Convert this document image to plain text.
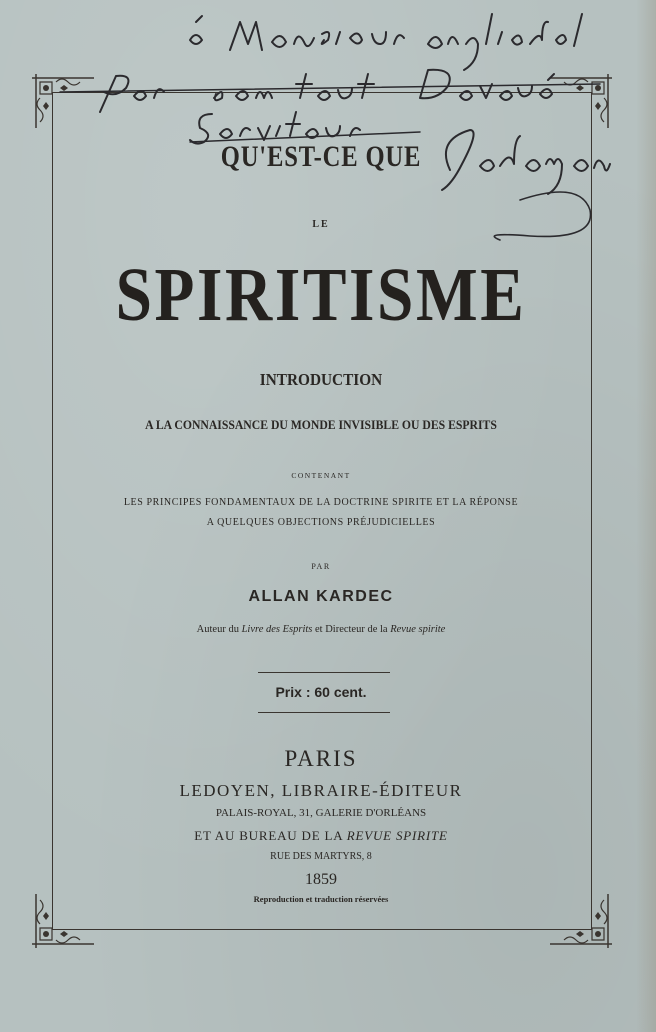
QU'EST-CE QUE
LE
SPIRITISME
INTRODUCTION
A LA CONNAISSANCE DU MONDE INVISIBLE OU DES ESPRITS
CONTENANT
LES PRINCIPES FONDAMENTAUX DE LA DOCTRINE SPIRITE ET LA RÉPONSE
A QUELQUES OBJECTIONS PRÉJUDICIELLES
PAR
ALLAN KARDEC
Auteur du Livre des Esprits et Directeur de la Revue spirite
Prix : 60 cent.
PARIS
LEDOYEN, LIBRAIRE-ÉDITEUR
PALAIS-ROYAL, 31, GALERIE D'ORLÉANS
ET AU BUREAU DE LA REVUE SPIRITE
RUE DES MARTYRS, 8
1859
Reproduction et traduction réservées
